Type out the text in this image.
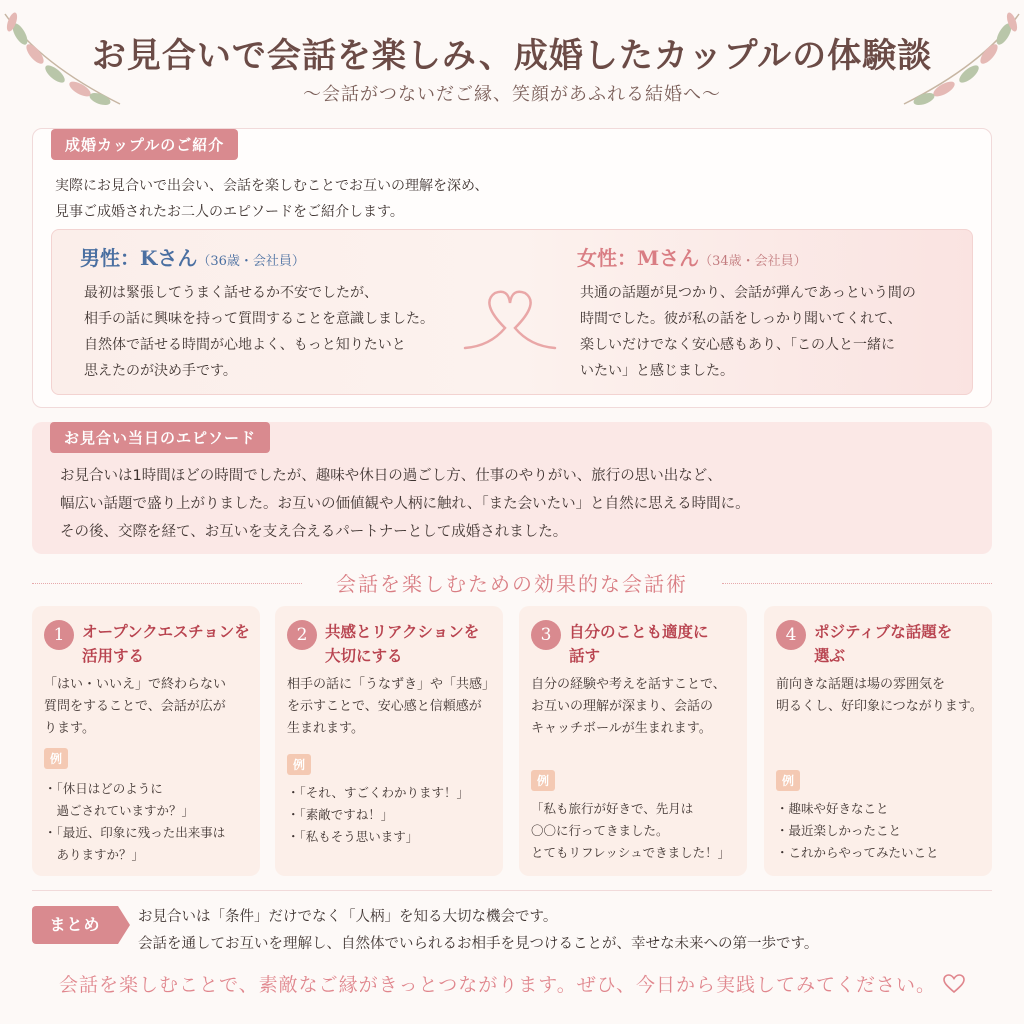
お見合いで会話を楽しみ、成婚したカップルの体験談
〜会話がつないだご縁、笑顔があふれる結婚へ〜
成婚カップルのご紹介
実際にお見合いで出会い、会話を楽しむことでお互いの理解を深め、
見事ご成婚されたお二人のエピソードをご紹介します。
男性：Kさん（36歳・会社員）
最初は緊張してうまく話せるか不安でしたが、
相手の話に興味を持って質問することを意識しました。
自然体で話せる時間が心地よく、もっと知りたいと
思えたのが決め手です。
女性：Mさん（34歳・会社員）
共通の話題が見つかり、会話が弾んであっという間の
時間でした。彼が私の話をしっかり聞いてくれて、
楽しいだけでなく安心感もあり、「この人と一緒に
いたい」と感じました。
お見合い当日のエピソード
お見合いは1時間ほどの時間でしたが、趣味や休日の過ごし方、仕事のやりがい、旅行の思い出など、
幅広い話題で盛り上がりました。お互いの価値観や人柄に触れ、「また会いたい」と自然に思える時間に。
その後、交際を経て、お互いを支え合えるパートナーとして成婚されました。
会話を楽しむための効果的な会話術
1	オープンクエスチョンを
活用する
「はい・いいえ」で終わらない
質問をすることで、会話が広が
ります。
例
・「休日はどのように
　過ごされていますか？」
・「最近、印象に残った出来事は
　ありますか？」
2	共感とリアクションを
大切にする
相手の話に「うなずき」や「共感」
を示すことで、安心感と信頼感が
生まれます。
例
・「それ、すごくわかります！」
・「素敵ですね！」
・「私もそう思います」
3	自分のことも適度に
話す
自分の経験や考えを話すことで、
お互いの理解が深まり、会話の
キャッチボールが生まれます。
例
「私も旅行が好きで、先月は
〇〇に行ってきました。
とてもリフレッシュできました！」
4	ポジティブな話題を
選ぶ
前向きな話題は場の雰囲気を
明るくし、好印象につながります。
例
・趣味や好きなこと
・最近楽しかったこと
・これからやってみたいこと
まとめ	お見合いは「条件」だけでなく「人柄」を知る大切な機会です。
会話を通してお互いを理解し、自然体でいられるお相手を見つけることが、幸せな未来への第一歩です。
会話を楽しむことで、素敵なご縁がきっとつながります。ぜひ、今日から実践してみてください。
